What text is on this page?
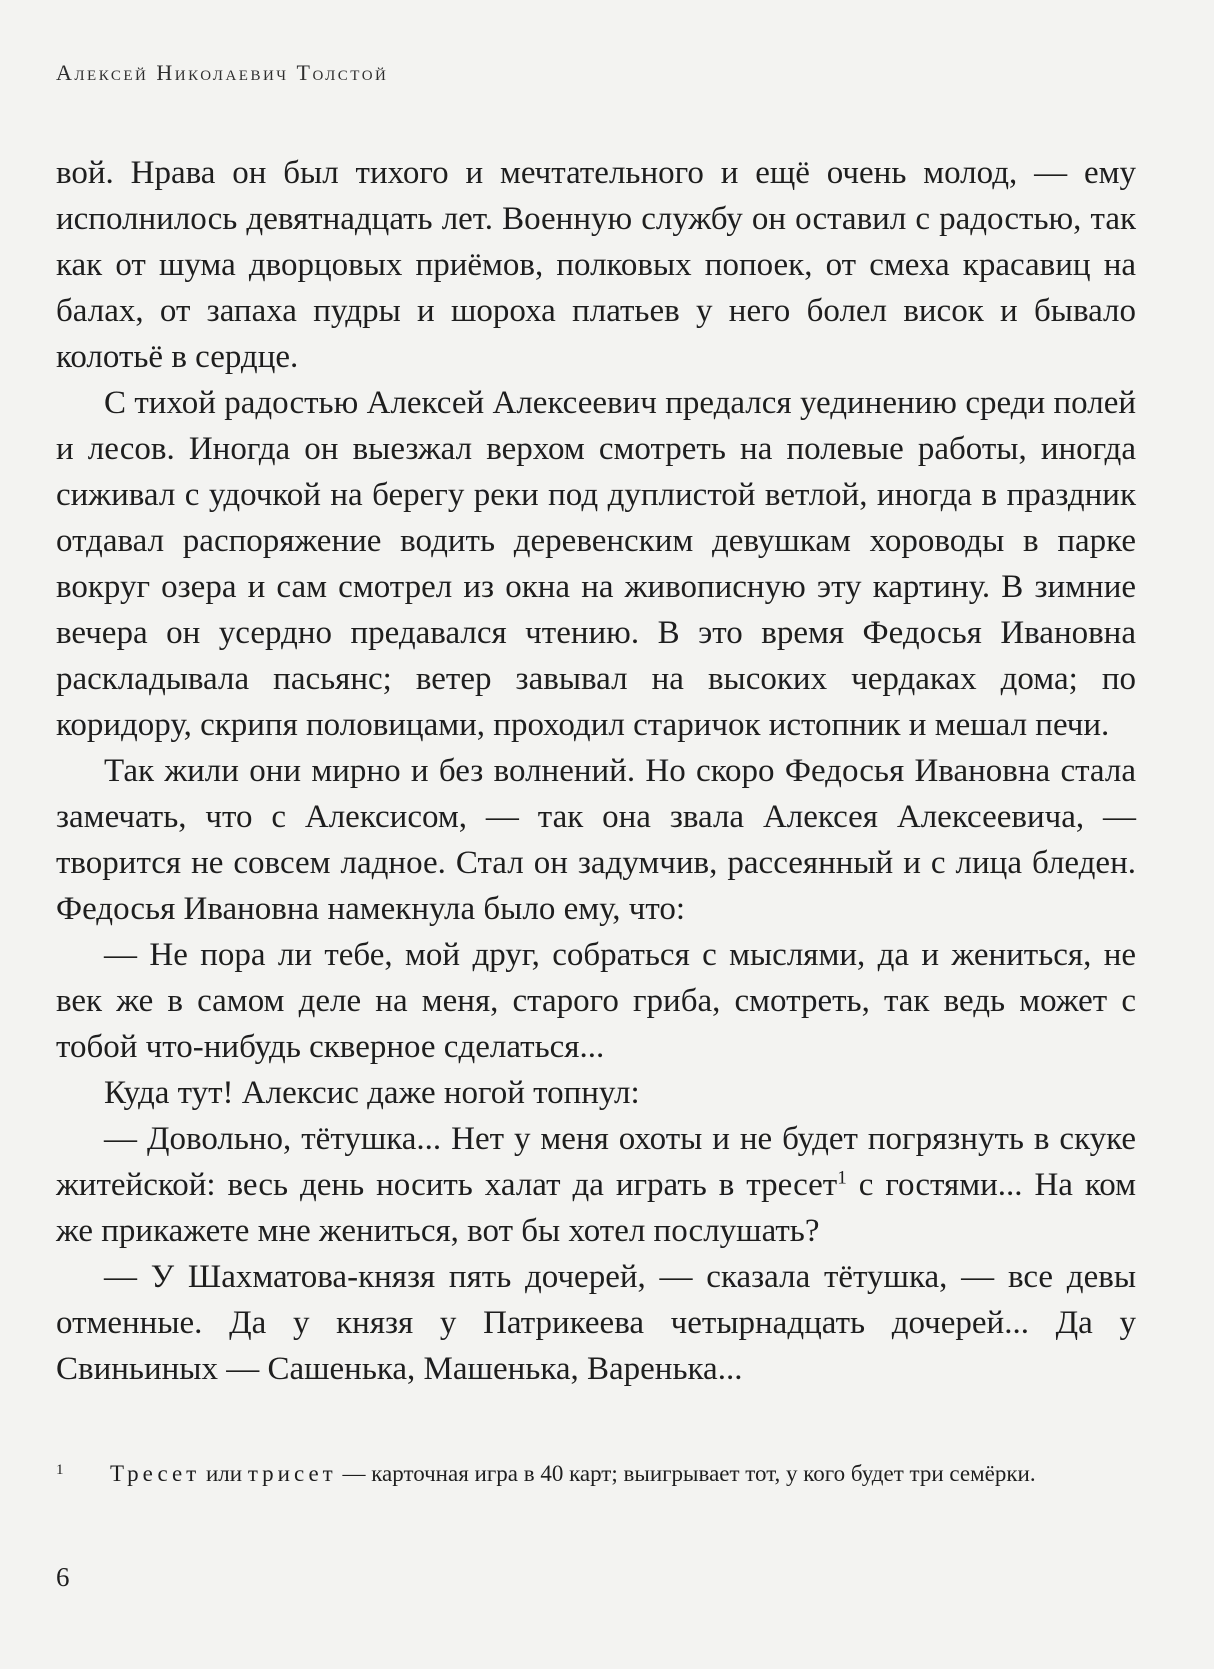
Алексей Николаевич Толстой

вой. Нрава он был тихого и мечтательного и ещё очень молод, — ему исполнилось девятнадцать лет. Военную службу он оставил с радостью, так как от шума дворцовых приёмов, полковых попоек, от смеха красавиц на балах, от запаха пудры и шороха платьев у него болел висок и бывало колотьё в сердце.

С тихой радостью Алексей Алексеевич предался уединению среди полей и лесов. Иногда он выезжал верхом смотреть на полевые работы, иногда сиживал с удочкой на берегу реки под дуплистой ветлой, иногда в праздник отдавал распоряжение водить деревенским девушкам хороводы в парке вокруг озера и сам смотрел из окна на живописную эту картину. В зимние вечера он усердно предавался чтению. В это время Федосья Ивановна раскладывала пасьянс; ветер завывал на высоких чердаках дома; по коридору, скрипя половицами, проходил старичок истопник и мешал печи.

Так жили они мирно и без волнений. Но скоро Федосья Ивановна стала замечать, что с Алексисом, — так она звала Алексея Алексеевича, — творится не совсем ладное. Стал он задумчив, рассеянный и с лица бледен. Федосья Ивановна намекнула было ему, что:

— Не пора ли тебе, мой друг, собраться с мыслями, да и жениться, не век же в самом деле на меня, старого гриба, смотреть, так ведь может с тобой что-нибудь скверное сделаться...

Куда тут! Алексис даже ногой топнул:

— Довольно, тётушка... Нет у меня охоты и не будет погрязнуть в скуке житейской: весь день носить халат да играть в тресет$^1$ с гостями... На ком же прикажете мне жениться, вот бы хотел послушать?

— У Шахматова-князя пять дочерей, — сказала тётушка, — все девы отменные. Да у князя у Патрикеева четырнадцать дочерей... Да у Свиньиных — Сашенька, Машенька, Варенька...

1 Тресет или трисет — карточная игра в 40 карт; выигрывает тот, у кого будет три семёрки.
6
